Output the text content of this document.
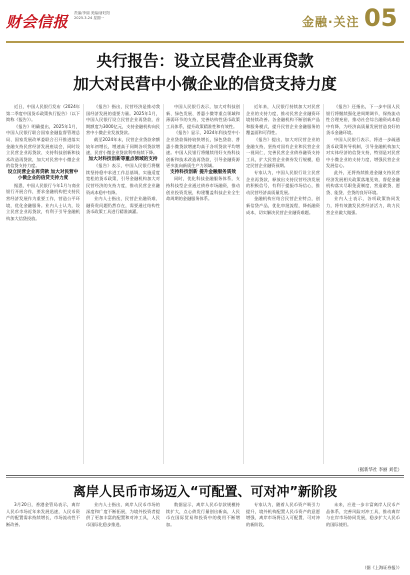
财会信报 责编/李丽 美编/唐旺阳
2025.3.24 星期一	金融·关注 05
央行报告：设立民营企业再贷款
加大对民营中小微企业的信贷支持力度

近日，中国人民银行发布《2024年第二季度中国货币政策执行报告》（以下简称《报告》）。

《报告》明确提出，2025年1月，中国人民银行联合国家金融监督管理总局、国家发展改革委联合召开推进落实金融支持民营经济发展座谈会，同时设立民营企业再贷款、支持科技创新和技术改造再贷款，加大对民营中小微企业的信贷支持力度。

设立民营企业再贷款 加大对民营中小微企业的信贷支持力度

据悉，中国人民银行今年1月与商业银行开展合作，要求金融机构把支持民营经济发展作为重要工作，营造公平环境，优化金融服务。业内人士认为，设立民营企业再贷款，有利于引导金融机构加大信贷投放。

《报告》指出，民营经济是推动我国经济发展的重要力量。2025年1月，中国人民银行设立民营企业再贷款，首期额度为3000亿元，支持金融机构向民营中小微企业发放贷款。

截至2024年末，民营企业贷款余额较年初增长，增速高于同期各项贷款增速，民营小微企业贷款利率持续下降。

加大对科技创新等重点领域的支持

《报告》表示，中国人民银行将继续坚持稳中求进工作总基调，实施适度宽松的货币政策，引导金融机构加大对民营经济的支持力度，推动民营企业融资成本稳中有降。

业内人士指出，民营企业融资难、融资贵问题仍然存在，需要通过结构性货币政策工具进行精准滴灌。

中国人民银行表示，加大对科技创新、绿色发展、普惠小微等重点领域和薄弱环节的支持，完善结构性货币政策工具体系，提升政策精准性和有效性。

《报告》显示，2024年科技型中小企业贷款保持较快增长，绿色贷款、普惠小微贷款增速均高于各项贷款平均增速。中国人民银行将继续用好支持科技创新和技术改造再贷款，引导金融资源更多流向新质生产力领域。

支持科技创新 提升金融服务质效

同时，优化科技金融服务体系，支持科技型企业通过债券市场融资，推动创业投资发展，构建覆盖科技企业全生命周期的金融服务体系。

近年来，人民银行持续加大对民营企业的支持力度，推动民营企业融资环境持续改善。各金融机构不断创新产品和服务模式，提升民营企业金融服务的覆盖面和可得性。

《报告》提出，加大对民营企业的金融支持，坚持对国有企业和民营企业一视同仁，完善民营企业债券融资支持工具，扩大民营企业债券发行规模，稳定民营企业融资预期。

专家认为，中国人民银行设立民营企业再贷款，释放出支持民营经济发展的积极信号，有利于提振市场信心，推动民营经济高质量发展。

金融机构应结合民营企业特点，创新信贷产品，优化审批流程，降低融资成本，切实解决民营企业融资难题。

《报告》还指出，下一步中国人民银行将继续强化逆周期调节，保持流动性合理充裕，推动社会综合融资成本稳中有降，为经济高质量发展营造良好的货币金融环境。

中国人民银行表示，将进一步疏通货币政策传导机制，引导金融机构加大对实体经济的信贷支持，特别是对民营中小微企业的支持力度，增强民营企业发展信心。

此外，还将持续推进金融支持民营经济发展相关政策落地见效，督促金融机构落实尽职免责制度，营造敢贷、愿贷、能贷、会贷的良好环境。

业内人士表示，各项政策协同发力，将有效激发民营经济活力，助力民营企业做大做强。

（据新华社 李丽 刘佳）
离岸人民币市场迈入“可配置、可对冲”新阶段

3月20日，香港金管局表示，离岸人民币市场近年来发展迅速，人民币资产的配置需求持续增长，市场流动性不断改善。

业内人士指出，离岸人民币市场的深度和广度不断拓展，为境外投资者提供了更加丰富的配置和对冲工具，人民币国际化稳步推进。

数据显示，离岸人民币存款规模持续扩大，点心债发行量创出新高，人民币在国际贸易和投资中的使用不断增加。

专家认为，随着人民币资产吸引力提升，境外机构配置人民币资产的意愿增强，离岸市场将迈入可配置、可对冲的新阶段。

未来，应进一步丰富离岸人民币产品体系，完善风险对冲工具，推动离岸与在岸市场协同发展，稳步扩大人民币的国际使用。

（据《上海证券报》）
